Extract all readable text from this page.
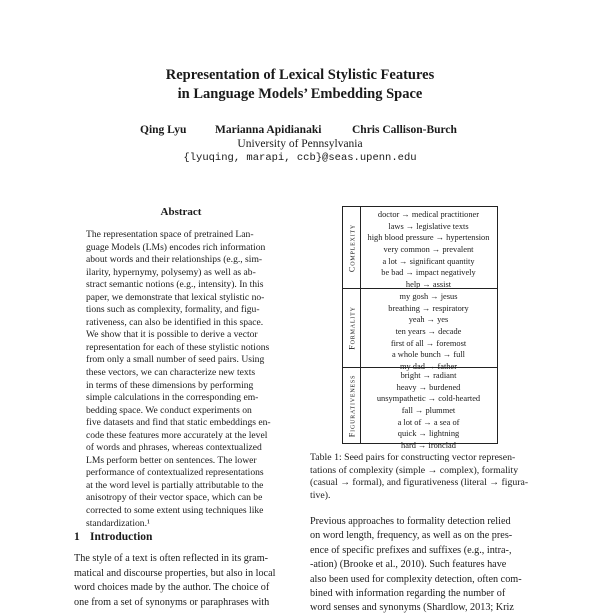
Representation of Lexical Stylistic Features
in Language Models’ Embedding Space
Qing Lyu Marianna Apidianaki	Chris Callison-Burch
University of Pennsylvania
{lyuqing, marapi, ccb}@seas.upenn.edu
Abstract
The representation space of pretrained Lan-
guage Models (LMs) encodes rich information
about words and their relationships (e.g., sim-
ilarity, hypernymy, polysemy) as well as ab-
stract semantic notions (e.g., intensity). In this
paper, we demonstrate that lexical stylistic no-
tions such as complexity, formality, and figu-
rativeness, can also be identified in this space.
We show that it is possible to derive a vector
representation for each of these stylistic notions
from only a small number of seed pairs. Using
these vectors, we can characterize new texts
in terms of these dimensions by performing
simple calculations in the corresponding em-
bedding space. We conduct experiments on
five datasets and find that static embeddings en-
code these features more accurately at the level
of words and phrases, whereas contextualized
LMs perform better on sentences. The lower
performance of contextualized representations
at the word level is partially attributable to the
anisotropy of their vector space, which can be
corrected to some extent using techniques like
standardization.¹
1 Introduction
The style of a text is often reflected in its gram-
matical and discourse properties, but also in local
word choices made by the author. The choice of
one from a set of synonyms or paraphrases with
Complexity
doctor → medical practitioner
laws → legislative texts
high blood pressure → hypertension
very common → prevalent
a lot → significant quantity
be bad → impact negatively
help → assist
Formality
my gosh → jesus
breathing → respiratory
yeah → yes
ten years → decade
first of all → foremost
a whole bunch → full
my dad → father
Figurativeness	bright → radiant
heavy → burdened
unsympathetic → cold-hearted
fall → plummet
a lot of → a sea of
quick → lightning
hard → ironclad
Table 1: Seed pairs for constructing vector represen-
tations of complexity (simple → complex), formality
(casual → formal), and figurativeness (literal → figura-
tive).
Previous approaches to formality detection relied
on word length, frequency, as well as on the pres-
ence of specific prefixes and suffixes (e.g., intra-,
-ation) (Brooke et al., 2010). Such features have
also been used for complexity detection, often com-
bined with information regarding the number of
word senses and synonyms (Shardlow, 2013; Kriz
